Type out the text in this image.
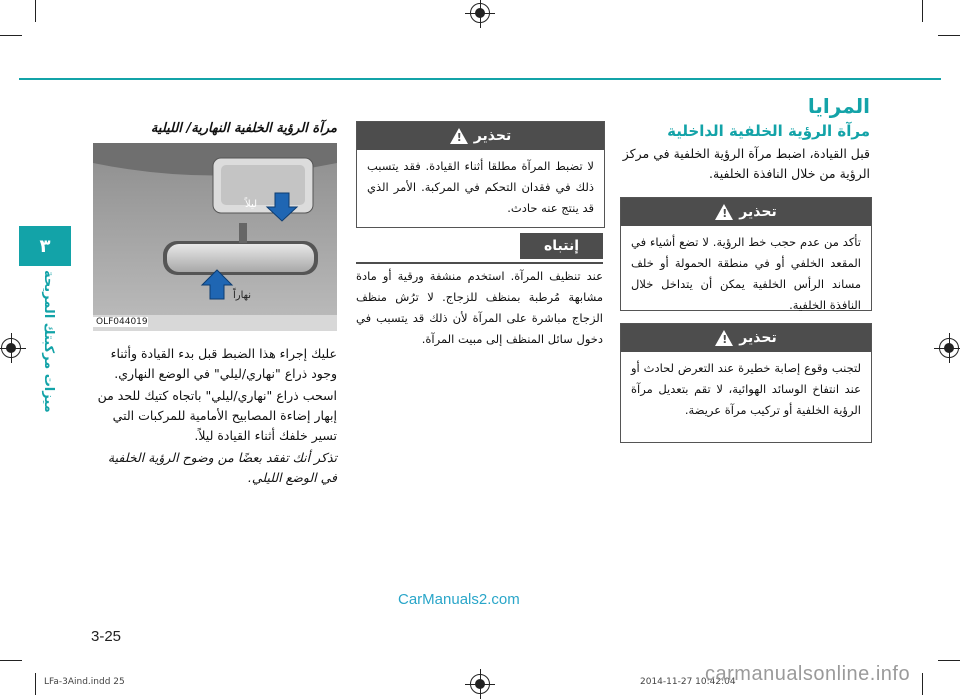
٣
ميزات مركبتك المريحة
المرايا
مرآة الرؤية الخلفية الداخلية
قبل القيادة، اضبط مرآة الرؤية الخلفية في مركز الرؤية من خلال النافذة الخلفية.
تحذير
!
تأكد من عدم حجب خط الرؤية. لا تضع أشياء في المقعد الخلفي أو في منطقة الحمولة أو خلف مساند الرأس الخلفية يمكن أن يتداخل خلال النافذة الخلفية.
تحذير
!
لتجنب وقوع إصابة خطيرة عند التعرض لحادث أو عند انتفاخ الوسائد الهوائية، لا تقم بتعديل مرآة الرؤية الخلفية أو تركيب مرآة عريضة.
تحذير
!
لا تضبط المرآة مطلقا أثناء القيادة. فقد يتسبب ذلك في فقدان التحكم في المركبة. الأمر الذي قد ينتج عنه حادث.
إنتباه
عند تنظيف المرآة. استخدم منشفة ورقية أو مادة مشابهة مُرطبة بمنظف للزجاج. لا ترُش منظف الزجاج مباشرة على المرآة لأن ذلك قد يتسبب في دخول سائل المنظف إلى مبيت المرآة.
مرآة الرؤية الخلفية النهارية/ الليلية
ليلاً
نهاراً
OLF044019
عليك إجراء هذا الضبط قبل بدء القيادة وأثناء وجود ذراع "نهاري/ليلي" في الوضع النهاري.
اسحب ذراع "نهاري/ليلي" باتجاه كتيك للحد من إبهار إضاءة المصابيح الأمامية للمركبات التي تسير خلفك أثناء القيادة ليلاً.
تذكر أنك تفقد بعضًا من وضوح الرؤية الخلفية في الوضع الليلي.
CarManuals2.com
3-25
LFa-3Aind.indd 25	2014-11-27 10:42:04
carmanualsonline.info
